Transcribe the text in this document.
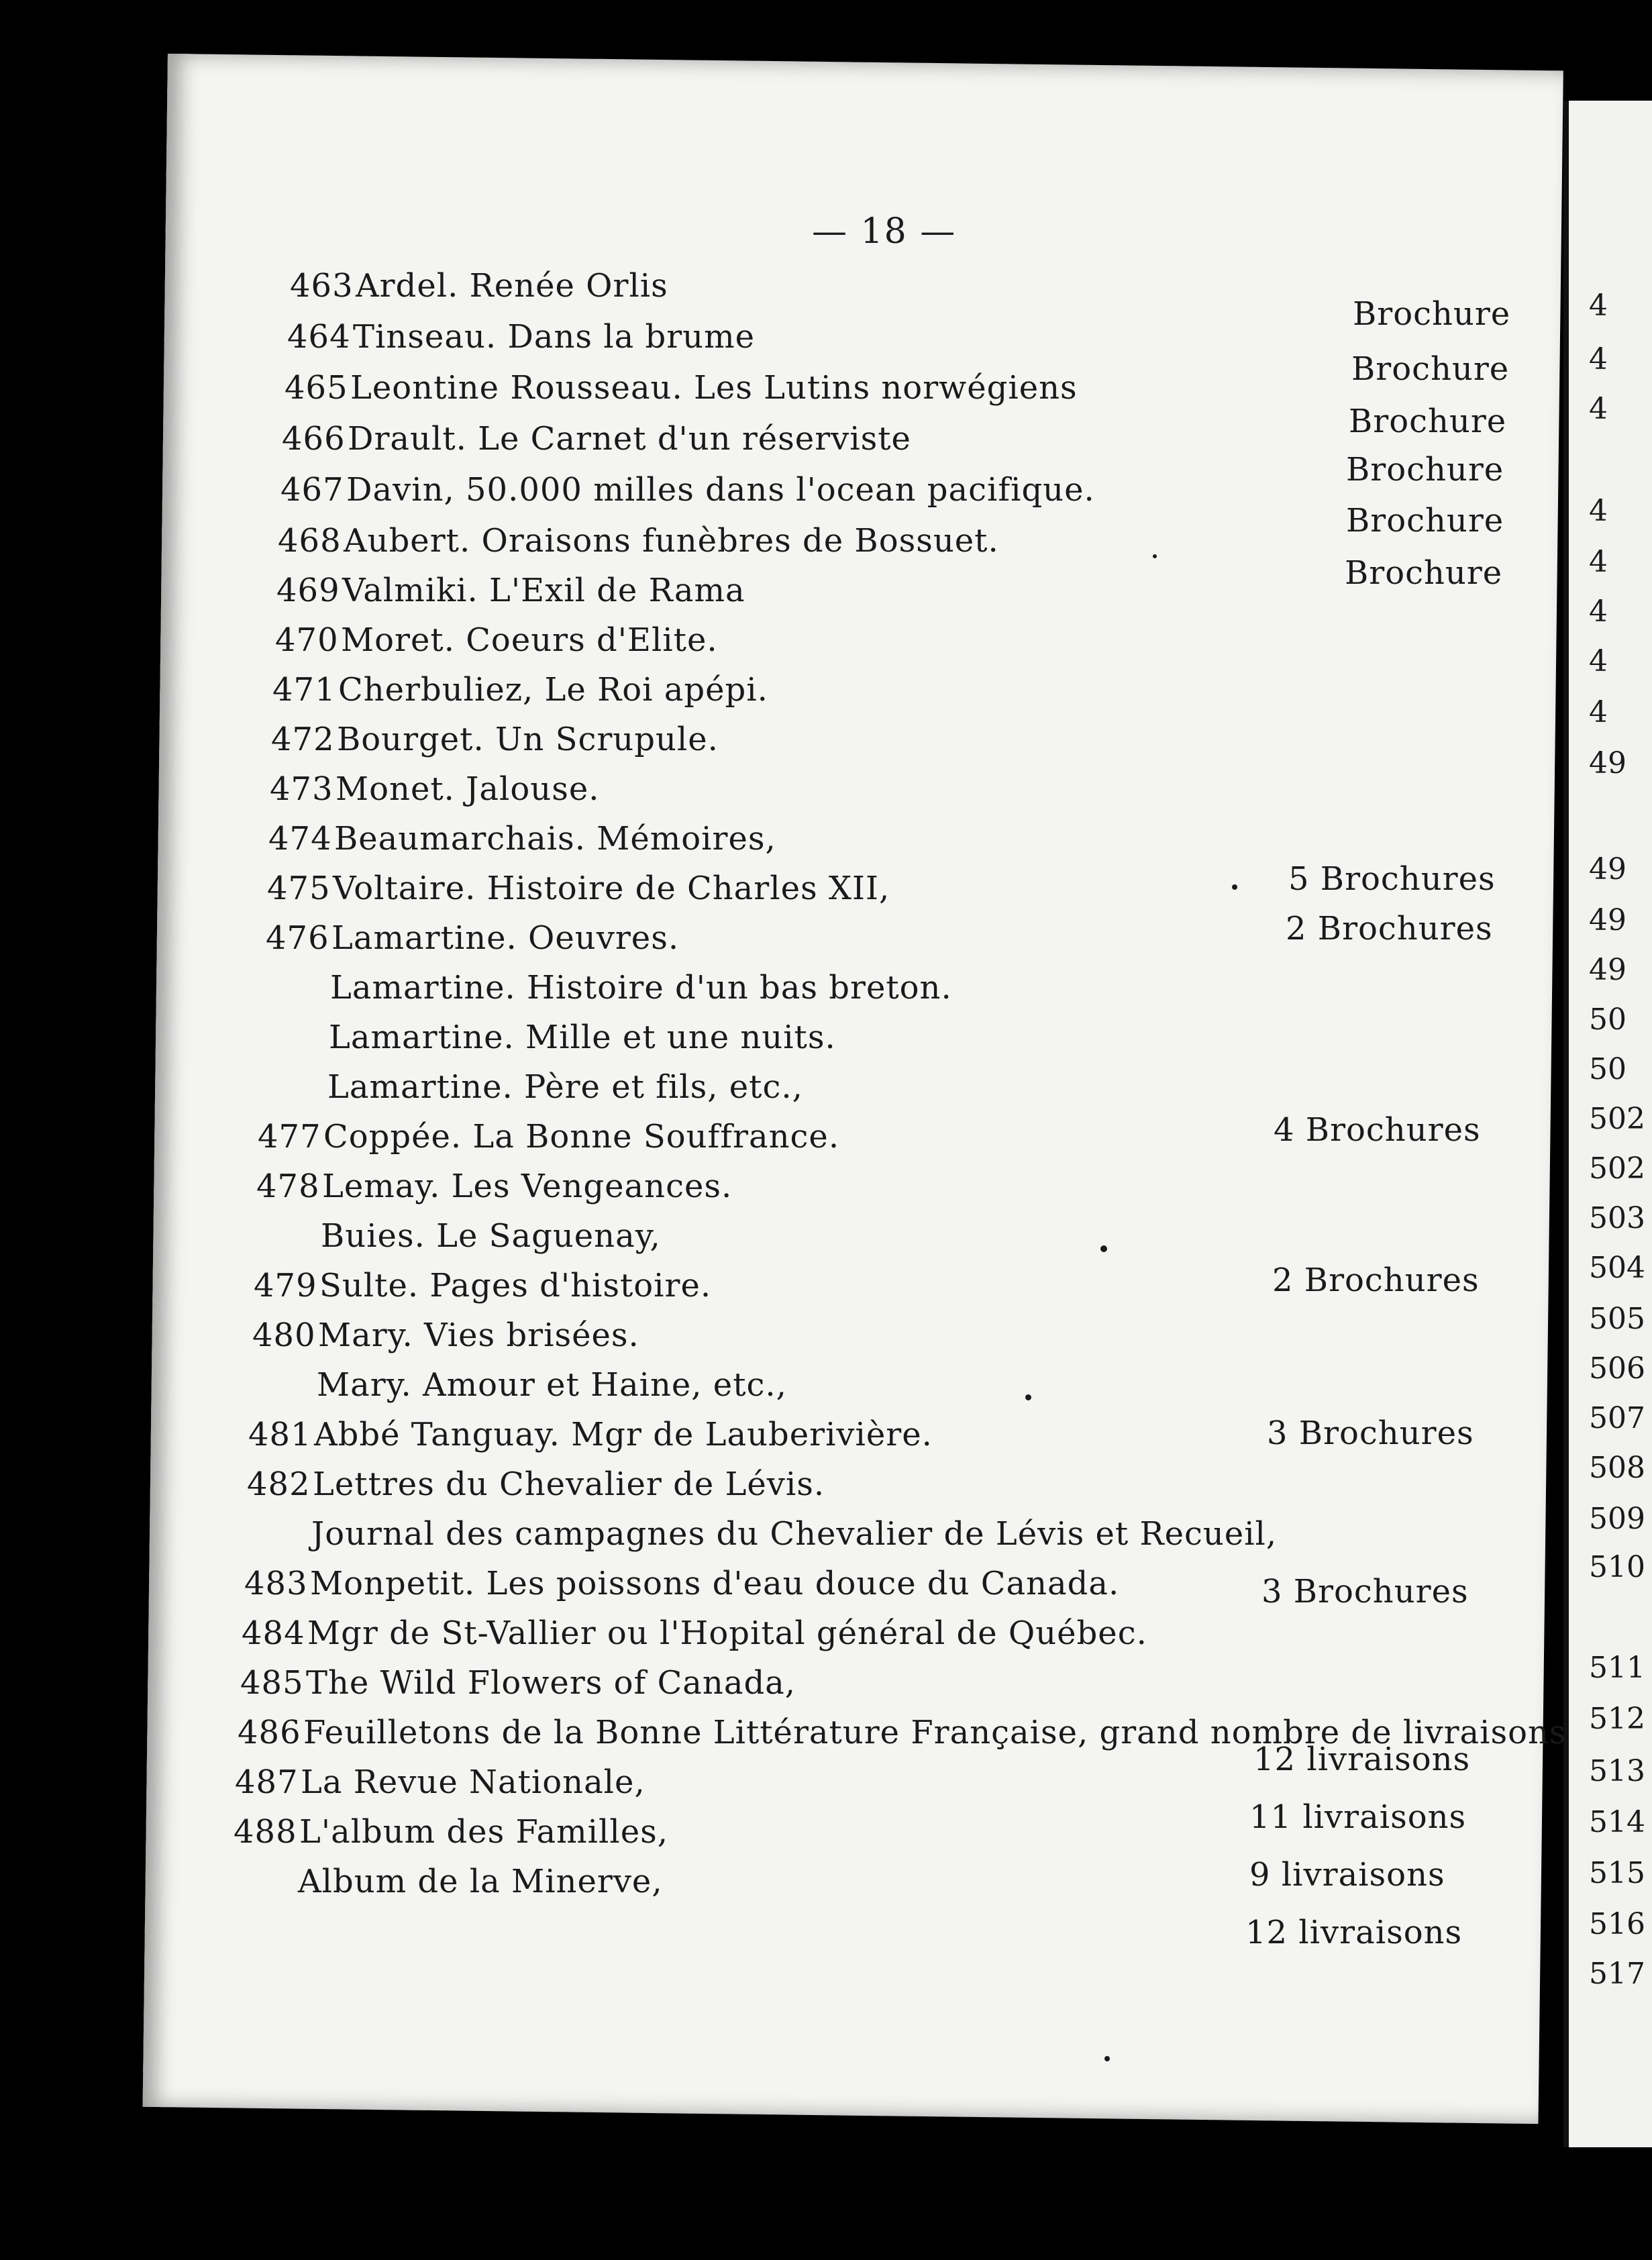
— 18 —
463Ardel. Renée Orlis
464Tinseau. Dans la brume
465Leontine Rousseau. Les Lutins norwégiens
466Drault. Le Carnet d'un réserviste
467Davin, 50.000 milles dans l'ocean pacifique.
468Aubert. Oraisons funèbres de Bossuet.
469Valmiki. L'Exil de Rama
470Moret. Coeurs d'Elite.
471Cherbuliez, Le Roi apépi.
472Bourget. Un Scrupule.
473Monet. Jalouse.
474Beaumarchais. Mémoires,
475Voltaire. Histoire de Charles XII,
476Lamartine. Oeuvres.
Lamartine. Histoire d'un bas breton.
Lamartine. Mille et une nuits.
Lamartine. Père et fils, etc.,
477Coppée. La Bonne Souffrance.
478Lemay. Les Vengeances.
Buies. Le Saguenay,
479Sulte. Pages d'histoire.
480Mary. Vies brisées.
Mary. Amour et Haine, etc.,
481Abbé Tanguay. Mgr de Lauberivière.
482Lettres du Chevalier de Lévis.
Journal des campagnes du Chevalier de Lévis et Recueil,
483Monpetit. Les poissons d'eau douce du Canada.
484Mgr de St-Vallier ou l'Hopital général de Québec.
485The Wild Flowers of Canada,
486Feuilletons de la Bonne Littérature Française, grand nombre de livraisons
487La Revue Nationale,
488L'album des Familles,
Album de la Minerve,
Brochure
Brochure
Brochure
Brochure
Brochure
Brochure
5 Brochures
2 Brochures
4 Brochures
2 Brochures
3 Brochures
3 Brochures
12 livraisons
11 livraisons
9 livraisons
12 livraisons
4
4
4
4
4
4
4
4
49
49
49
49
50
50
502
502
503
504
505
506
507
508
509
510
511
512
513
514
515
516
517
